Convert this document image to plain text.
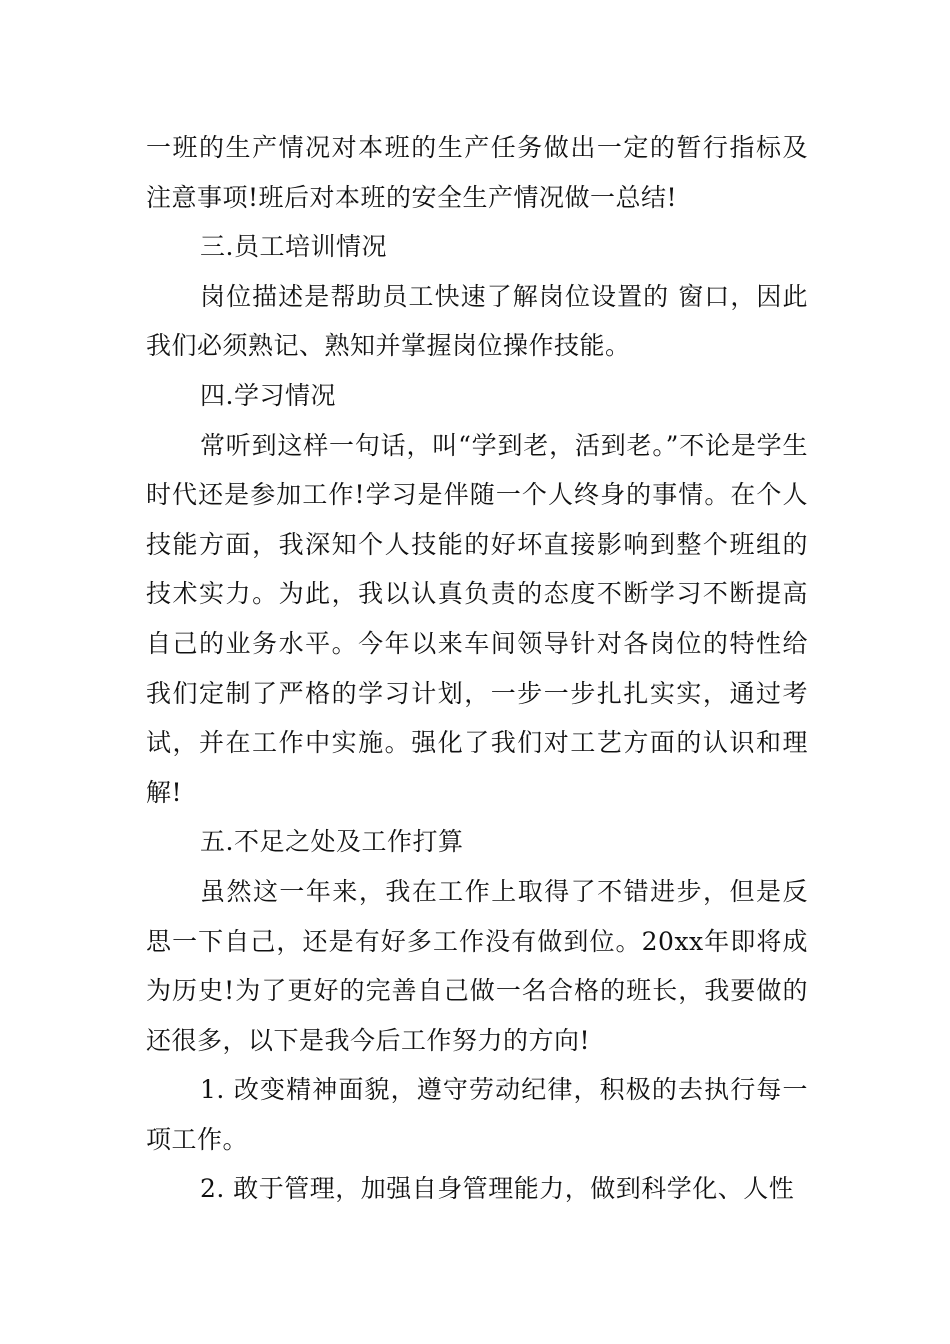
一班的生产情况对本班的生产任务做出一定的暂行指标及注意事项!班后对本班的安全生产情况做一总结!

三.员工培训情况

岗位描述是帮助员工快速了解岗位设置的 窗口，因此我们必须熟记、熟知并掌握岗位操作技能。

四.学习情况

常听到这样一句话，叫“学到老，活到老。”不论是学生时代还是参加工作!学习是伴随一个人终身的事情。在个人技能方面，我深知个人技能的好坏直接影响到整个班组的技术实力。为此，我以认真负责的态度不断学习不断提高自己的业务水平。今年以来车间领导针对各岗位的特性给我们定制了严格的学习计划，一步一步扎扎实实，通过考试，并在工作中实施。强化了我们对工艺方面的认识和理解!

五.不足之处及工作打算

虽然这一年来，我在工作上取得了不错进步，但是反思一下自己，还是有好多工作没有做到位。20xx年即将成为历史!为了更好的完善自己做一名合格的班长，我要做的还很多，以下是我今后工作努力的方向!

1. 改变精神面貌，遵守劳动纪律，积极的去执行每一项工作。

2. 敢于管理，加强自身管理能力，做到科学化、人性
